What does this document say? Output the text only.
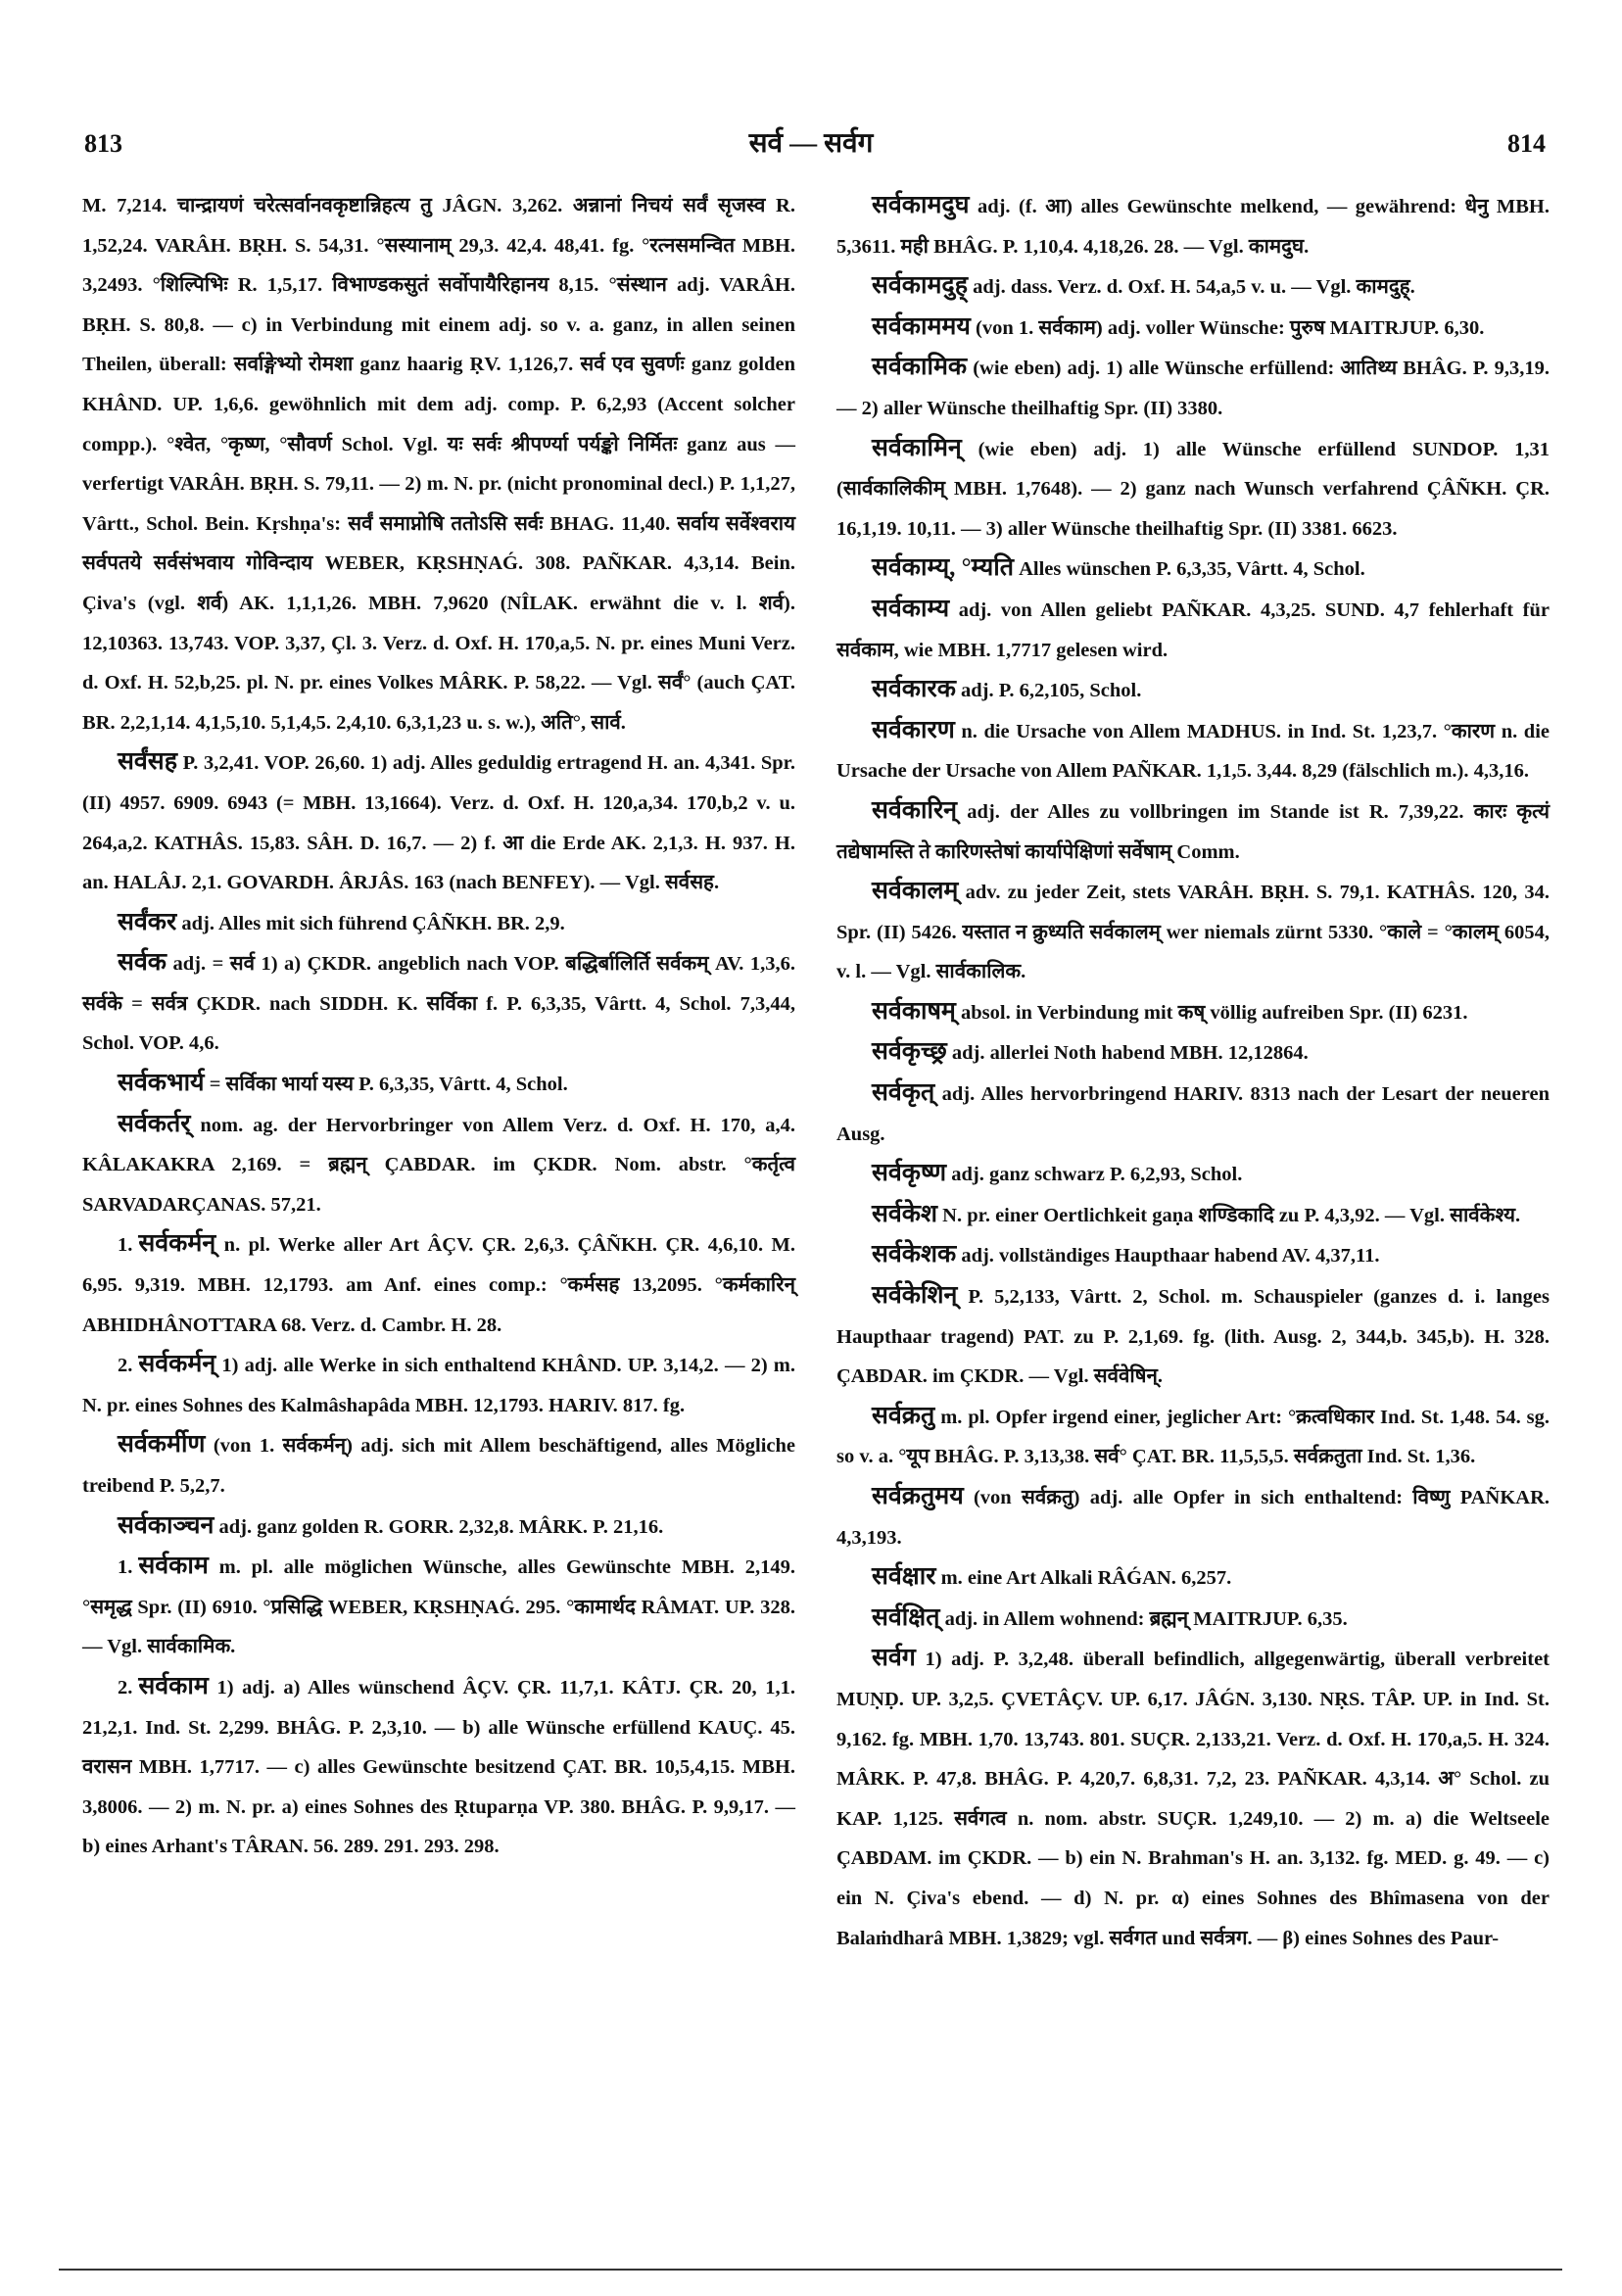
813	सर्व — सर्वग	814

M. 7,214. चान्द्रायणं चरेत्सर्वानवकृष्टान्निहत्य तु JÂGN. 3,262. अन्नानां निचयं सर्वं सृजस्व R. 1,52,24. VARÂH. BṚH. S. 54,31. °सस्यानाम् 29,3. 42,4. 48,41. fg. °रत्नसमन्वित MBH. 3,2493. °शिल्पिभिः R. 1,5,17. विभाण्डकसुतं सर्वोपायैरिहानय 8,15. °संस्थान adj. VARÂH. BṚH. S. 80,8. — c) in Verbindung mit einem adj. so v. a. ganz, in allen seinen Theilen, überall: सर्वाङ्गेभ्यो रोमशा ganz haarig ṚV. 1,126,7. सर्व एव सुवर्णः ganz golden KHÂND. UP. 1,6,6. gewöhnlich mit dem adj. comp. P. 6,2,93 (Accent solcher compp.). °श्वेत, °कृष्ण, °सौवर्ण Schol. Vgl. यः सर्वः श्रीपर्ण्या पर्यङ्को निर्मितः ganz aus — verfertigt VARÂH. BṚH. S. 79,11. — 2) m. N. pr. (nicht pronominal decl.) P. 1,1,27, Vârtt., Schol. Bein. Kṛshṇa's: सर्वं समाप्नोषि ततोऽसि सर्वः BHAG. 11,40. सर्वाय सर्वेश्वराय सर्वपतये सर्वसंभवाय गोविन्दाय WEBER, KṚSHṆAǴ. 308. PAÑKAR. 4,3,14. Bein. Çiva's (vgl. शर्व) AK. 1,1,1,26. MBH. 7,9620 (NÎLAK. erwähnt die v. l. शर्व). 12,10363. 13,743. VOP. 3,37, Çl. 3. Verz. d. Oxf. H. 170,a,5. N. pr. eines Muni Verz. d. Oxf. H. 52,b,25. pl. N. pr. eines Volkes MÂRK. P. 58,22. — Vgl. सर्वं° (auch ÇAT. BR. 2,2,1,14. 4,1,5,10. 5,1,4,5. 2,4,10. 6,3,1,23 u. s. w.), अति°, सार्व.

सर्वंसह P. 3,2,41. VOP. 26,60. 1) adj. Alles geduldig ertragend H. an. 4,341. Spr. (II) 4957. 6909. 6943 (= MBH. 13,1664). Verz. d. Oxf. H. 120,a,34. 170,b,2 v. u. 264,a,2. KATHÂS. 15,83. SÂH. D. 16,7. — 2) f. आ die Erde AK. 2,1,3. H. 937. H. an. HALÂJ. 2,1. GOVARDH. ÂRJÂS. 163 (nach BENFEY). — Vgl. सर्वसह.

सर्वंकर adj. Alles mit sich führend ÇÂÑKH. BR. 2,9.

सर्वक adj. = सर्व 1) a) ÇKDR. angeblich nach VOP. बद्धिर्बालिर्ति सर्वकम् AV. 1,3,6. सर्वके = सर्वत्र ÇKDR. nach SIDDH. K. सर्विका f. P. 6,3,35, Vârtt. 4, Schol. 7,3,44, Schol. VOP. 4,6.

सर्वकभार्य = सर्विका भार्या यस्य P. 6,3,35, Vârtt. 4, Schol.

सर्वकर्तर् nom. ag. der Hervorbringer von Allem Verz. d. Oxf. H. 170, a,4. KÂLAKAKRA 2,169. = ब्रह्मन् ÇABDAR. im ÇKDR. Nom. abstr. °कर्तृत्व SARVADARÇANAS. 57,21.

1. सर्वकर्मन् n. pl. Werke aller Art ÂÇV. ÇR. 2,6,3. ÇÂÑKH. ÇR. 4,6,10. M. 6,95. 9,319. MBH. 12,1793. am Anf. eines comp.: °कर्मसह 13,2095. °कर्मकारिन् ABHIDHÂNOTTARA 68. Verz. d. Cambr. H. 28.

2. सर्वकर्मन् 1) adj. alle Werke in sich enthaltend KHÂND. UP. 3,14,2. — 2) m. N. pr. eines Sohnes des Kalmâshapâda MBH. 12,1793. HARIV. 817. fg.

सर्वकर्मीण (von 1. सर्वकर्मन्) adj. sich mit Allem beschäftigend, alles Mögliche treibend P. 5,2,7.

सर्वकाञ्चन adj. ganz golden R. GORR. 2,32,8. MÂRK. P. 21,16.

1. सर्वकाम m. pl. alle möglichen Wünsche, alles Gewünschte MBH. 2,149. °समृद्ध Spr. (II) 6910. °प्रसिद्धि WEBER, KṚSHṆAǴ. 295. °कामार्थद RÂMAT. UP. 328. — Vgl. सार्वकामिक.

2. सर्वकाम 1) adj. a) Alles wünschend ÂÇV. ÇR. 11,7,1. KÂTJ. ÇR. 20, 1,1. 21,2,1. Ind. St. 2,299. BHÂG. P. 2,3,10. — b) alle Wünsche erfüllend KAUÇ. 45. वरासन MBH. 1,7717. — c) alles Gewünschte besitzend ÇAT. BR. 10,5,4,15. MBH. 3,8006. — 2) m. N. pr. a) eines Sohnes des Ṛtuparṇa VP. 380. BHÂG. P. 9,9,17. — b) eines Arhant's TÂRAN. 56. 289. 291. 293. 298.

सर्वकामदुघ adj. (f. आ) alles Gewünschte melkend, — gewährend: धेनु MBH. 5,3611. मही BHÂG. P. 1,10,4. 4,18,26. 28. — Vgl. कामदुघ.

सर्वकामदुह् adj. dass. Verz. d. Oxf. H. 54,a,5 v. u. — Vgl. कामदुह्.

सर्वकाममय (von 1. सर्वकाम) adj. voller Wünsche: पुरुष MAITRJUP. 6,30.

सर्वकामिक (wie eben) adj. 1) alle Wünsche erfüllend: आतिथ्य BHÂG. P. 9,3,19. — 2) aller Wünsche theilhaftig Spr. (II) 3380.

सर्वकामिन् (wie eben) adj. 1) alle Wünsche erfüllend SUNDOP. 1,31 (सार्वकालिकीम् MBH. 1,7648). — 2) ganz nach Wunsch verfahrend ÇÂÑKH. ÇR. 16,1,19. 10,11. — 3) aller Wünsche theilhaftig Spr. (II) 3381. 6623.

सर्वकाम्य्, °म्यति Alles wünschen P. 6,3,35, Vârtt. 4, Schol.

सर्वकाम्य adj. von Allen geliebt PAÑKAR. 4,3,25. SUND. 4,7 fehlerhaft für सर्वकाम, wie MBH. 1,7717 gelesen wird.

सर्वकारक adj. P. 6,2,105, Schol.

सर्वकारण n. die Ursache von Allem MADHUS. in Ind. St. 1,23,7. °कारण n. die Ursache der Ursache von Allem PAÑKAR. 1,1,5. 3,44. 8,29 (fälschlich m.). 4,3,16.

सर्वकारिन् adj. der Alles zu vollbringen im Stande ist R. 7,39,22. कारः कृत्यं तद्येषामस्ति ते कारिणस्तेषां कार्यापेक्षिणां सर्वेषाम् Comm.

सर्वकालम् adv. zu jeder Zeit, stets VARÂH. BṚH. S. 79,1. KATHÂS. 120, 34. Spr. (II) 5426. यस्तात न क्रुध्यति सर्वकालम् wer niemals zürnt 5330. °काले = °कालम् 6054, v. l. — Vgl. सार्वकालिक.

सर्वकाषम् absol. in Verbindung mit कष् völlig aufreiben Spr. (II) 6231.

सर्वकृच्छ्र adj. allerlei Noth habend MBH. 12,12864.

सर्वकृत् adj. Alles hervorbringend HARIV. 8313 nach der Lesart der neueren Ausg.

सर्वकृष्ण adj. ganz schwarz P. 6,2,93, Schol.

सर्वकेश N. pr. einer Oertlichkeit gaṇa शण्डिकादि zu P. 4,3,92. — Vgl. सार्वकेश्य.

सर्वकेशक adj. vollständiges Haupthaar habend AV. 4,37,11.

सर्वकेशिन् P. 5,2,133, Vârtt. 2, Schol. m. Schauspieler (ganzes d. i. langes Haupthaar tragend) PAT. zu P. 2,1,69. fg. (lith. Ausg. 2, 344,b. 345,b). H. 328. ÇABDAR. im ÇKDR. — Vgl. सर्ववेषिन्.

सर्वक्रतु m. pl. Opfer irgend einer, jeglicher Art: °क्रत्वधिकार Ind. St. 1,48. 54. sg. so v. a. °यूप BHÂG. P. 3,13,38. सर्व° ÇAT. BR. 11,5,5,5. सर्वक्रतुता Ind. St. 1,36.

सर्वक्रतुमय (von सर्वक्रतु) adj. alle Opfer in sich enthaltend: विष्णु PAÑKAR. 4,3,193.

सर्वक्षार m. eine Art Alkali RÂǴAN. 6,257.

सर्वक्षित् adj. in Allem wohnend: ब्रह्मन् MAITRJUP. 6,35.

सर्वग 1) adj. P. 3,2,48. überall befindlich, allgegenwärtig, überall verbreitet MUṆḌ. UP. 3,2,5. ÇVETÂÇV. UP. 6,17. JÂǴN. 3,130. NṚS. TÂP. UP. in Ind. St. 9,162. fg. MBH. 1,70. 13,743. 801. SUÇR. 2,133,21. Verz. d. Oxf. H. 170,a,5. H. 324. MÂRK. P. 47,8. BHÂG. P. 4,20,7. 6,8,31. 7,2, 23. PAÑKAR. 4,3,14. अ° Schol. zu KAP. 1,125. सर्वगत्व n. nom. abstr. SUÇR. 1,249,10. — 2) m. a) die Weltseele ÇABDAM. im ÇKDR. — b) ein N. Brahman's H. an. 3,132. fg. MED. g. 49. — c) ein N. Çiva's ebend. — d) N. pr. α) eines Sohnes des Bhîmasena von der Balaṁdharâ MBH. 1,3829; vgl. सर्वगत und सर्वत्रग. — β) eines Sohnes des Paur-
